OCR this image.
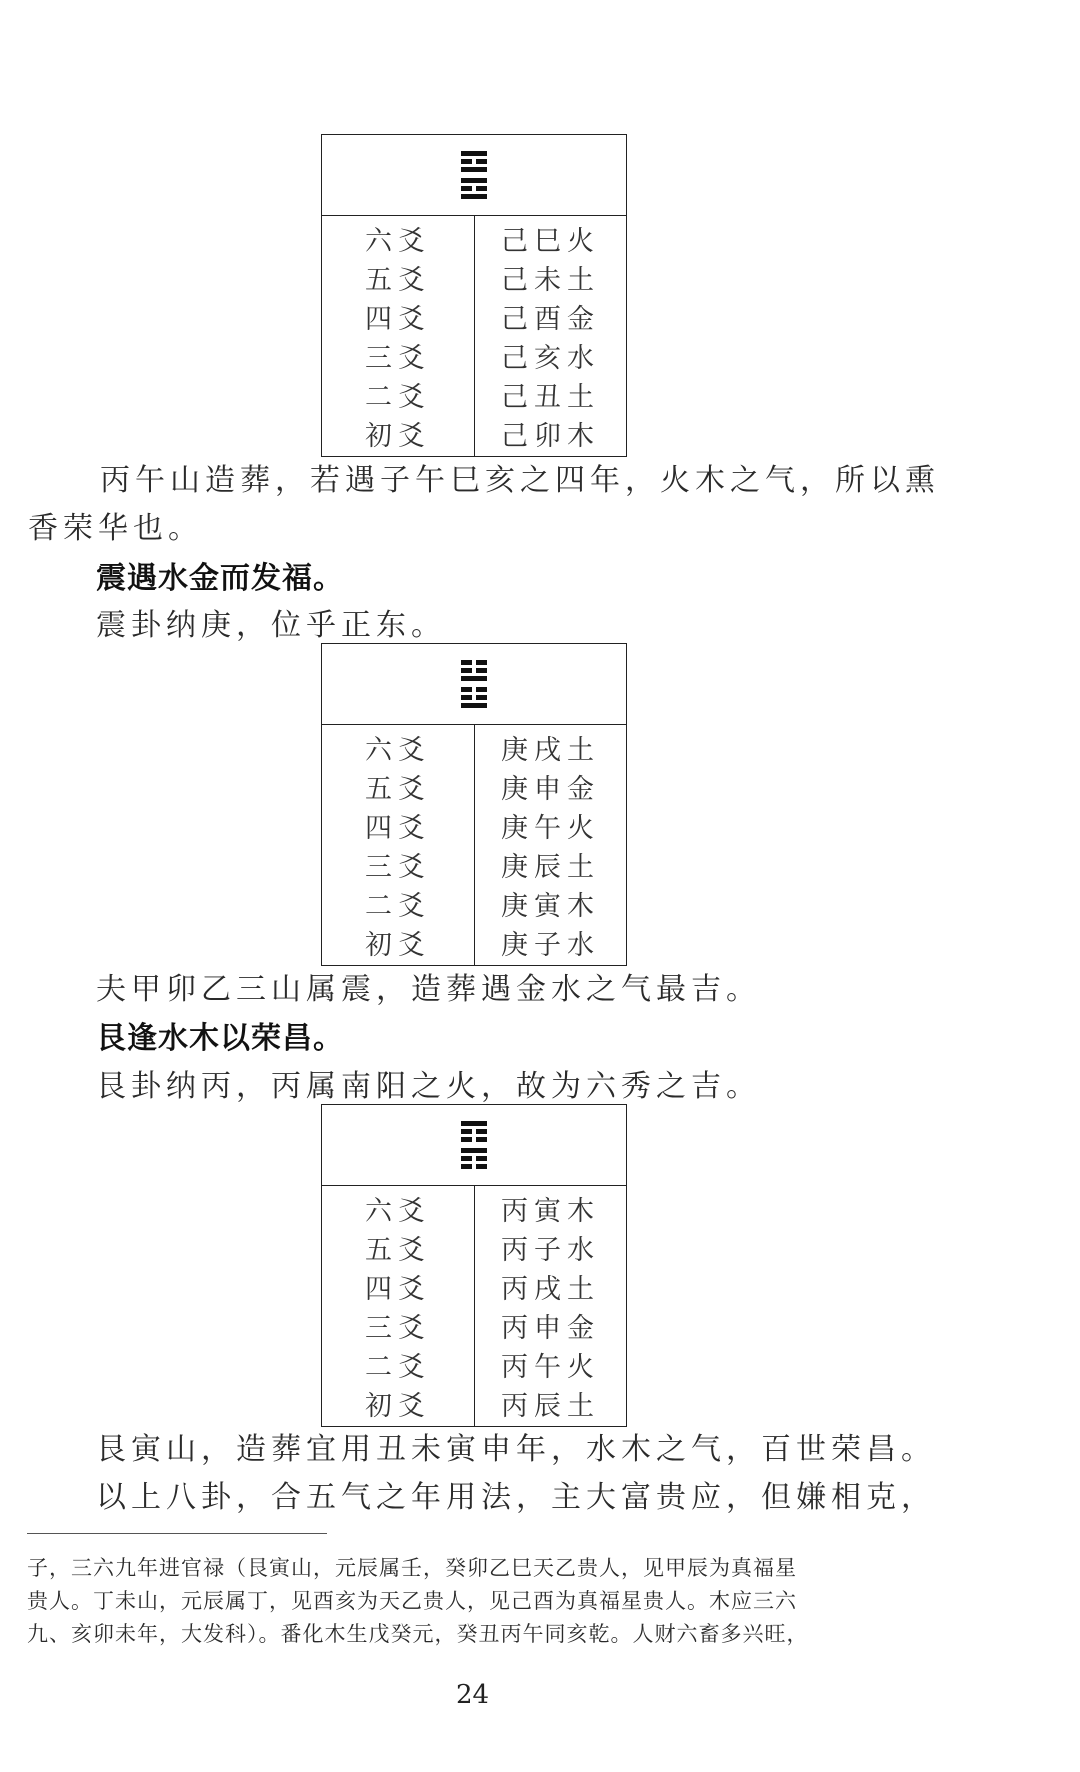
六爻
五爻
四爻
三爻
二爻
初爻
己巳火
己未土
己酉金
己亥水
己丑土
己卯木

丙午山造葬，若遇子午巳亥之四年，火木之气，所以熏

香荣华也。

震遇水金而发福。

震卦纳庚，位乎正东。

六爻
五爻
四爻
三爻
二爻
初爻
庚戌土
庚申金
庚午火
庚辰土
庚寅木
庚子水

夫甲卯乙三山属震，造葬遇金水之气最吉。

艮逢水木以荣昌。

艮卦纳丙，丙属南阳之火，故为六秀之吉。

六爻
五爻
四爻
三爻
二爻
初爻
丙寅木
丙子水
丙戌土
丙申金
丙午火
丙辰土

艮寅山，造葬宜用丑未寅申年，水木之气，百世荣昌。

以上八卦，合五气之年用法，主大富贵应，但嫌相克，

子，三六九年进官禄（艮寅山，元辰属壬，癸卯乙巳天乙贵人，见甲辰为真福星

贵人。丁未山，元辰属丁，见酉亥为天乙贵人，见己酉为真福星贵人。木应三六

九、亥卯未年，大发科）。番化木生戊癸元，癸丑丙午同亥乾。人财六畜多兴旺，

24
